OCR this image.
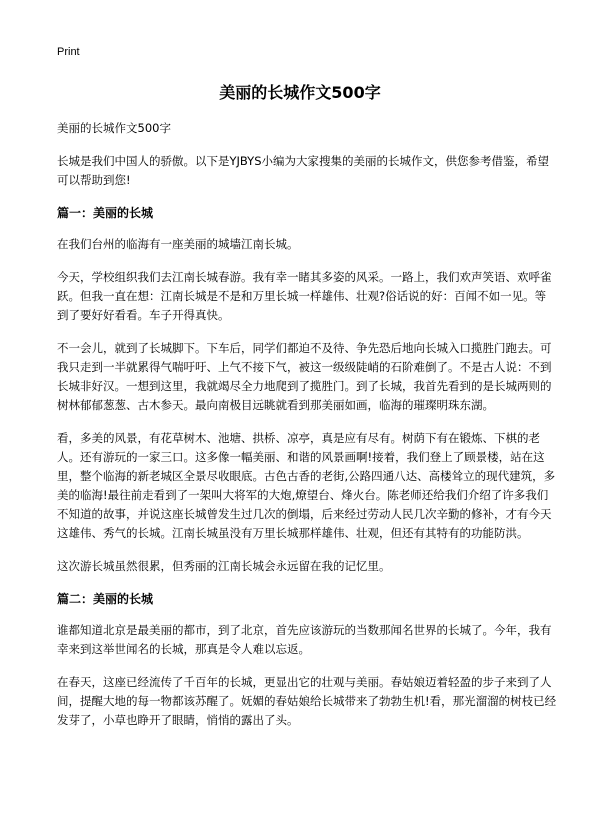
Print
美丽的长城作文500字

美丽的长城作文500字

长城是我们中国人的骄傲。以下是YJBYS小编为大家搜集的美丽的长城作文，供您参考借鉴，希望可以帮助到您!

篇一：美丽的长城

在我们台州的临海有一座美丽的城墙江南长城。

今天，学校组织我们去江南长城春游。我有幸一睹其多姿的风采。一路上，我们欢声笑语、欢呼雀跃。但我一直在想：江南长城是不是和万里长城一样雄伟、壮观?俗话说的好：百闻不如一见。等到了要好好看看。车子开得真快。

不一会儿，就到了长城脚下。下车后，同学们都迫不及待、争先恐后地向长城入口揽胜门跑去。可我只走到一半就累得气喘吁吁、上气不接下气，被这一级级陡峭的石阶难倒了。不是古人说：不到长城非好汉。一想到这里，我就竭尽全力地爬到了揽胜门。到了长城，我首先看到的是长城两则的树林郁郁葱葱、古木参天。最向南极目远眺就看到那美丽如画，临海的璀璨明珠东湖。

看，多美的风景，有花草树木、池塘、拱桥、凉亭，真是应有尽有。树荫下有在锻炼、下棋的老人。还有游玩的一家三口。这多像一幅美丽、和谐的风景画啊!接着，我们登上了顾景楼，站在这里，整个临海的新老城区全景尽收眼底。古色古香的老街,公路四通八达、高楼耸立的现代建筑，多美的临海!最往前走看到了一架叫大将军的大炮,燎望台、烽火台。陈老师还给我们介绍了许多我们不知道的故事，并说这座长城曾发生过几次的倒塌，后来经过劳动人民几次辛勤的修补，才有今天这雄伟、秀气的长城。江南长城虽没有万里长城那样雄伟、壮观，但还有其特有的功能防洪。

这次游长城虽然很累，但秀丽的江南长城会永远留在我的记忆里。

篇二：美丽的长城

谁都知道北京是最美丽的都市，到了北京，首先应该游玩的当数那闻名世界的长城了。今年，我有幸来到这举世闻名的长城，那真是令人难以忘返。

在春天，这座已经流传了千百年的长城，更显出它的壮观与美丽。春姑娘迈着轻盈的步子来到了人间，提醒大地的每一物都该苏醒了。妩媚的春姑娘给长城带来了勃勃生机!看，那光溜溜的树枝已经发芽了，小草也睁开了眼睛，悄悄的露出了头。
